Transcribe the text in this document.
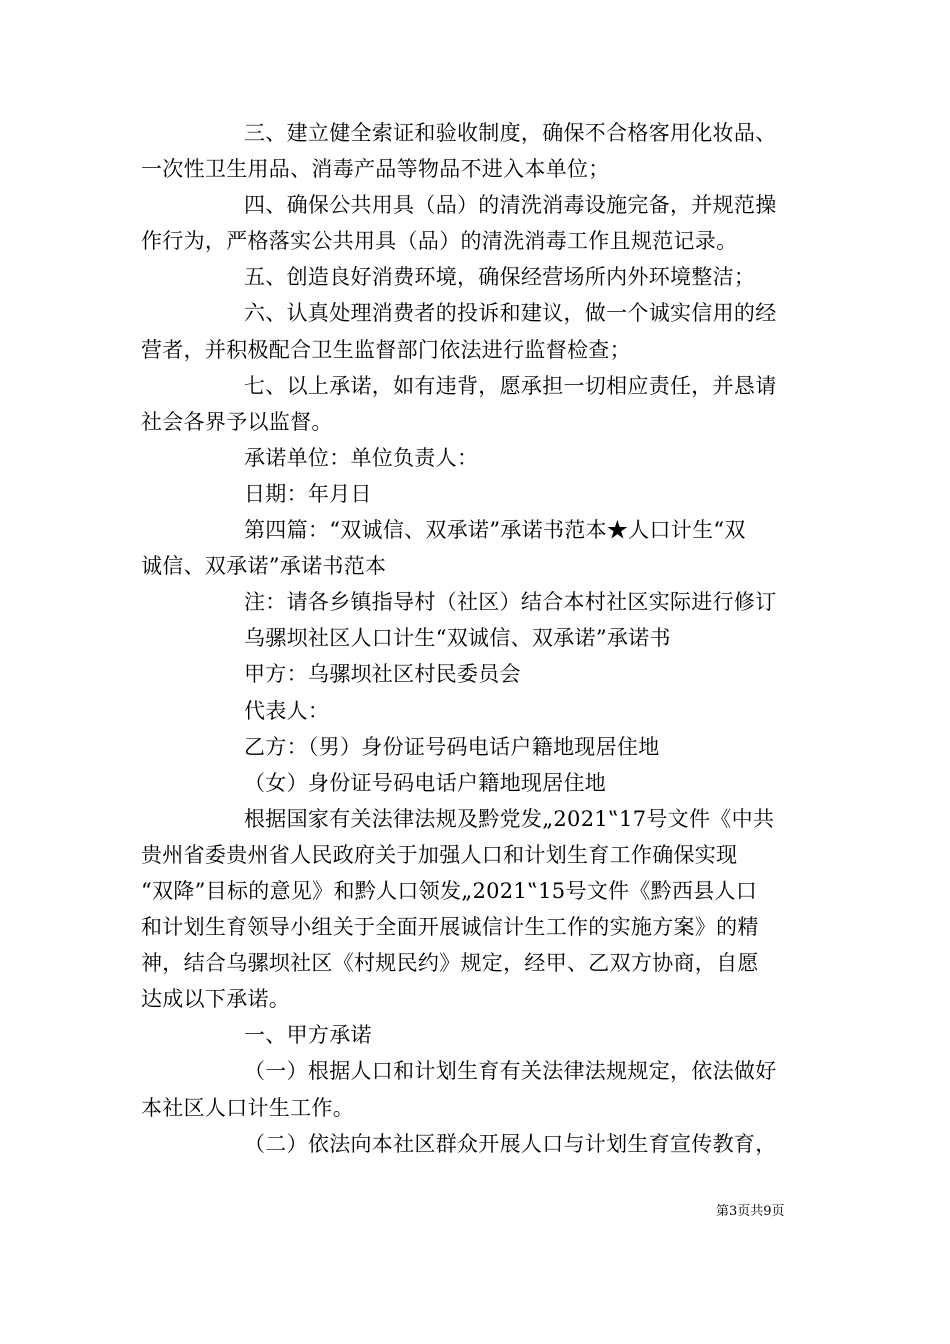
三、建立健全索证和验收制度，确保不合格客用化妆品、
一次性卫生用品、消毒产品等物品不进入本单位；
四、确保公共用具（品）的清洗消毒设施完备，并规范操
作行为，严格落实公共用具（品）的清洗消毒工作且规范记录。
五、创造良好消费环境，确保经营场所内外环境整洁；
六、认真处理消费者的投诉和建议，做一个诚实信用的经
营者，并积极配合卫生监督部门依法进行监督检查；
七、以上承诺，如有违背，愿承担一切相应责任，并恳请
社会各界予以监督。
承诺单位：单位负责人：
日期：年月日
第四篇：“双诚信、双承诺”承诺书范本★人口计生“双
诚信、双承诺”承诺书范本
注：请各乡镇指导村（社区）结合本村社区实际进行修订
乌骡坝社区人口计生“双诚信、双承诺”承诺书
甲方：乌骡坝社区村民委员会
代表人：
乙方：（男）身份证号码电话户籍地现居住地
（女）身份证号码电话户籍地现居住地
根据国家有关法律法规及黔党发„2021‟17号文件《中共
贵州省委贵州省人民政府关于加强人口和计划生育工作确保实现
“双降”目标的意见》和黔人口领发„2021‟15号文件《黔西县人口
和计划生育领导小组关于全面开展诚信计生工作的实施方案》的精
神，结合乌骡坝社区《村规民约》规定，经甲、乙双方协商，自愿
达成以下承诺。
一、甲方承诺
（一）根据人口和计划生育有关法律法规规定，依法做好
本社区人口计生工作。
（二）依法向本社区群众开展人口与计划生育宣传教育，
第3页共9页
